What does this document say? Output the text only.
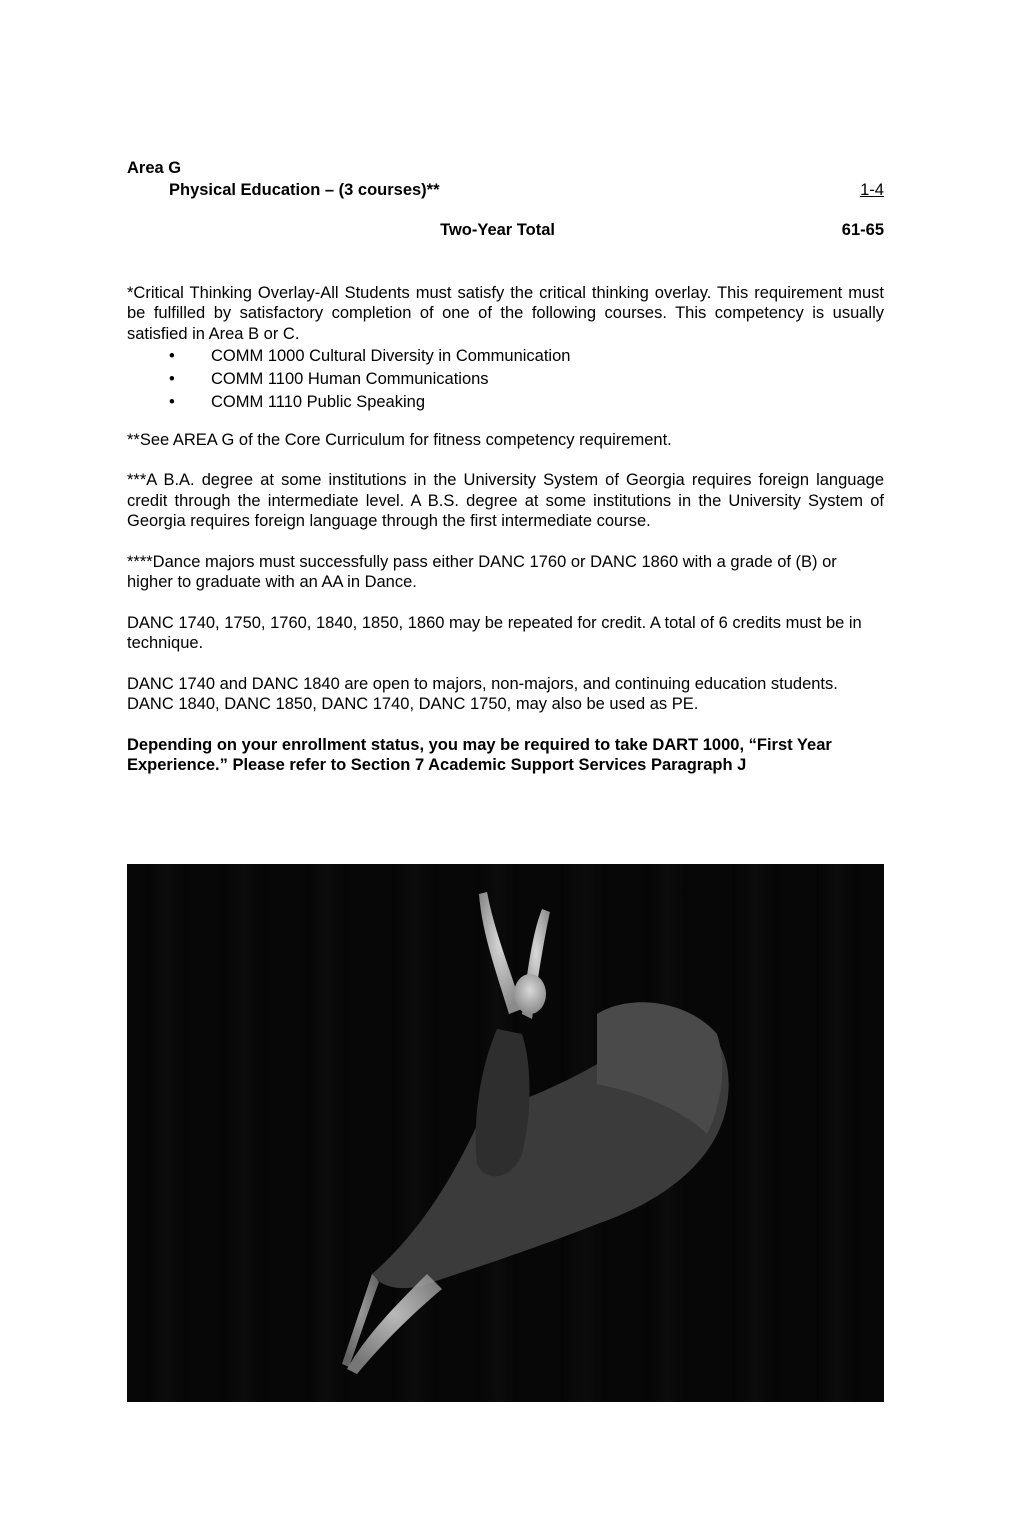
Area G
Physical Education – (3 courses)**	1-4
Two-Year Total	61-65

*Critical Thinking Overlay-All Students must satisfy the critical thinking overlay. This requirement must be fulfilled by satisfactory completion of one of the following courses. This competency is usually satisfied in Area B or C.

•	COMM 1000 Cultural Diversity in Communication
•	COMM 1100 Human Communications
•	COMM 1110 Public Speaking

**See AREA G of the Core Curriculum for fitness competency requirement.

***A B.A. degree at some institutions in the University System of Georgia requires foreign language credit through the intermediate level. A B.S. degree at some institutions in the University System of Georgia requires foreign language through the first intermediate course.

****Dance majors must successfully pass either DANC 1760 or DANC 1860 with a grade of (B) or higher to graduate with an AA in Dance.

DANC 1740, 1750, 1760, 1840, 1850, 1860 may be repeated for credit. A total of 6 credits must be in technique.

DANC 1740 and DANC 1840 are open to majors, non-majors, and continuing education students. DANC 1840, DANC 1850, DANC 1740, DANC 1750, may also be used as PE.

Depending on your enrollment status, you may be required to take DART 1000, “First Year Experience.” Please refer to Section 7 Academic Support Services Paragraph J
